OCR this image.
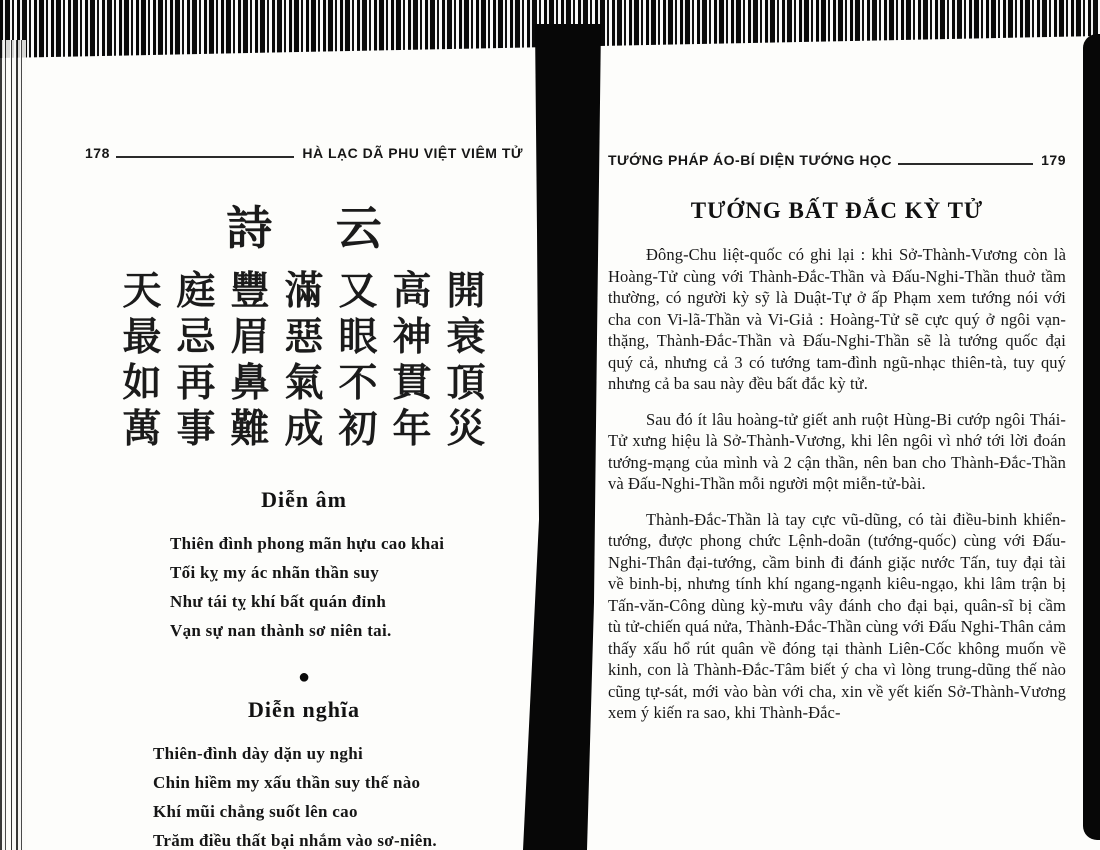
178	HÀ LẠC DÃ PHU VIỆT VIÊM TỬ
詩 云
天庭豐滿又高開
最忌眉惡眼神衰
如再鼻氣不貫頂
萬事難成初年災
Diễn âm
Thiên đình phong mãn hựu cao khai
Tối kỵ my ác nhãn thần suy
Như tái tỵ khí bất quán đỉnh
Vạn sự nan thành sơ niên tai.
●
Diễn nghĩa
Thiên-đình dày dặn uy nghi
Chin hiềm my xấu thần suy thế nào
Khí mũi chẳng suốt lên cao
Trăm điều thất bại nhắm vào sơ-niên.
TƯỚNG PHÁP ÁO-BÍ DIỆN TƯỚNG HỌC	179
TƯỚNG BẤT ĐẮC KỲ TỬ

Đông-Chu liệt-quốc có ghi lại : khi Sở-Thành-Vương còn là Hoàng-Tử cùng với Thành-Đắc-Thần và Đấu-Nghi-Thần thuở tầm thường, có người kỳ sỹ là Duật-Tự ở ấp Phạm xem tướng nói với cha con Vi-lã-Thần và Vi-Giả : Hoàng-Tử sẽ cực quý ở ngôi vạn-thặng, Thành-Đắc-Thần và Đấu-Nghi-Thần sẽ là tướng quốc đại quý cả, nhưng cả 3 có tướng tam-đình ngũ-nhạc thiên-tà, tuy quý nhưng cả ba sau này đều bất đắc kỳ tử.

Sau đó ít lâu hoàng-tử giết anh ruột Hùng-Bi cướp ngôi Thái-Tử xưng hiệu là Sở-Thành-Vương, khi lên ngôi vì nhớ tới lời đoán tướng-mạng của mình và 2 cận thần, nên ban cho Thành-Đắc-Thần và Đấu-Nghi-Thần mỗi người một miễn-tử-bài.

Thành-Đắc-Thần là tay cực vũ-dũng, có tài điều-binh khiển-tướng, được phong chức Lệnh-doãn (tướng-quốc) cùng với Đấu-Nghi-Thân đại-tướng, cầm binh đi đánh giặc nước Tấn, tuy đại tài về binh-bị, nhưng tính khí ngang-ngạnh kiêu-ngạo, khi lâm trận bị Tấn-văn-Công dùng kỳ-mưu vây đánh cho đại bại, quân-sĩ bị cầm tù tử-chiến quá nửa, Thành-Đắc-Thần cùng với Đấu Nghi-Thân cảm thấy xấu hổ rút quân về đóng tại thành Liên-Cốc không muốn về kinh, con là Thành-Đắc-Tâm biết ý cha vì lòng trung-dũng thế nào cũng tự-sát, mới vào bàn với cha, xin về yết kiến Sở-Thành-Vương xem ý kiến ra sao, khi Thành-Đắc-
